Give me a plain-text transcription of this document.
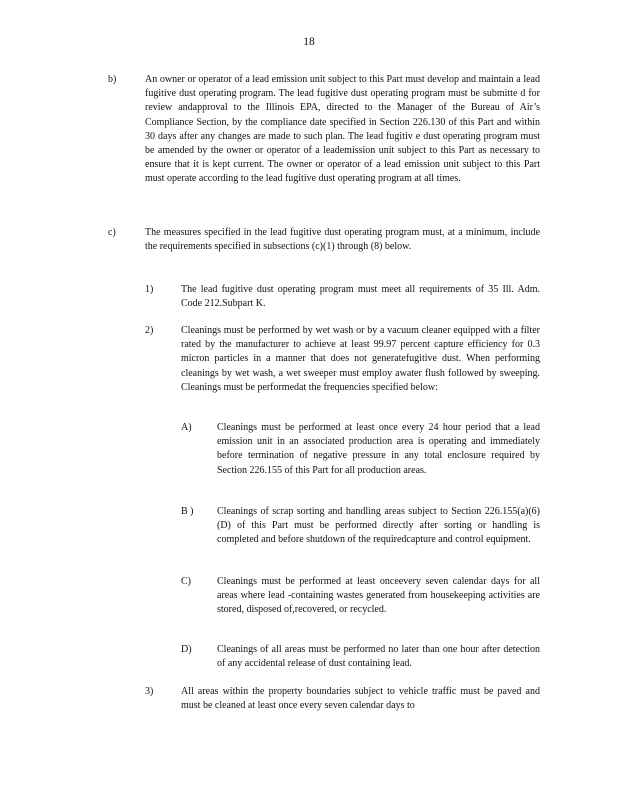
18
b)	An owner or operator of a lead emission unit subject to this Part must develop and maintain a lead fugitive dust operating program. The lead fugitive dust operating program must be submitte d for review andapproval to the Illinois EPA, directed to the Manager of the Bureau of Air’s Compliance Section, by the compliance date specified in Section 226.130 of this Part and within 30 days after any changes are made to such plan. The lead fugitiv e dust operating program must be amended by the owner or operator of a leademission unit subject to this Part as necessary to ensure that it is kept current. The owner or operator of a lead emission unit subject to this Part must operate according to the lead fugitive dust operating program at all times.
c)	The measures specified in the lead fugitive dust operating program must, at a minimum, include the requirements specified in subsections (c)(1) through (8) below.
1)	The lead fugitive dust operating program must meet all requirements of 35 Ill. Adm. Code 212.Subpart K.
2)	Cleanings must be performed by wet wash or by a vacuum cleaner equipped with a filter rated by the manufacturer to achieve at least 99.97 percent capture efficiency for 0.3 micron particles in a manner that does not generatefugitive dust. When performing cleanings by wet wash, a wet sweeper must employ awater flush followed by sweeping. Cleanings must be performedat the frequencies specified below:
A)	Cleanings must be performed at least once every 24 hour period that a lead emission unit in an associated production area is operating and immediately before termination of negative pressure in any total enclosure required by Section 226.155 of this Part for all production areas.
B ) Cleanings of scrap sorting and handling areas subject to Section 226.155(a)(6)(D) of this Part must be performed directly after sorting or handling is completed and before shutdown of the requiredcapture and control equipment.
C)	Cleanings must be performed at least onceevery seven calendar days for all areas where lead -containing wastes generated from housekeeping activities are stored, disposed of,recovered, or recycled.
D)	Cleanings of all areas must be performed no later than one hour after detection of any accidental release of dust containing lead.
3)	All areas within the property boundaries subject to vehicle traffic must be paved and must be cleaned at least once every seven calendar days to
